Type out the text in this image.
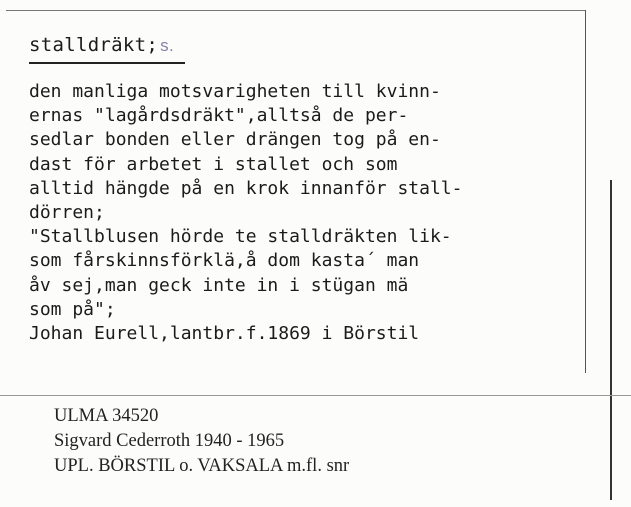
stalldräkt; s.
den manliga motsvarigheten till kvinn-
ernas "lagårdsdräkt",alltså de per-
sedlar bonden eller drängen tog på en-
dast för arbetet i stallet och som
alltid hängde på en krok innanför stall-
dörren;
"Stallblusen hörde te stalldräkten lik-
som fårskinnsförklä,å dom kasta´ man
åv sej,man geck inte in i stügan mä
som på";
Johan Eurell,lantbr.f.1869 i Börstil
ULMA 34520
Sigvard Cederroth 1940 - 1965
UPL. BÖRSTIL o. VAKSALA m.fl. snr
